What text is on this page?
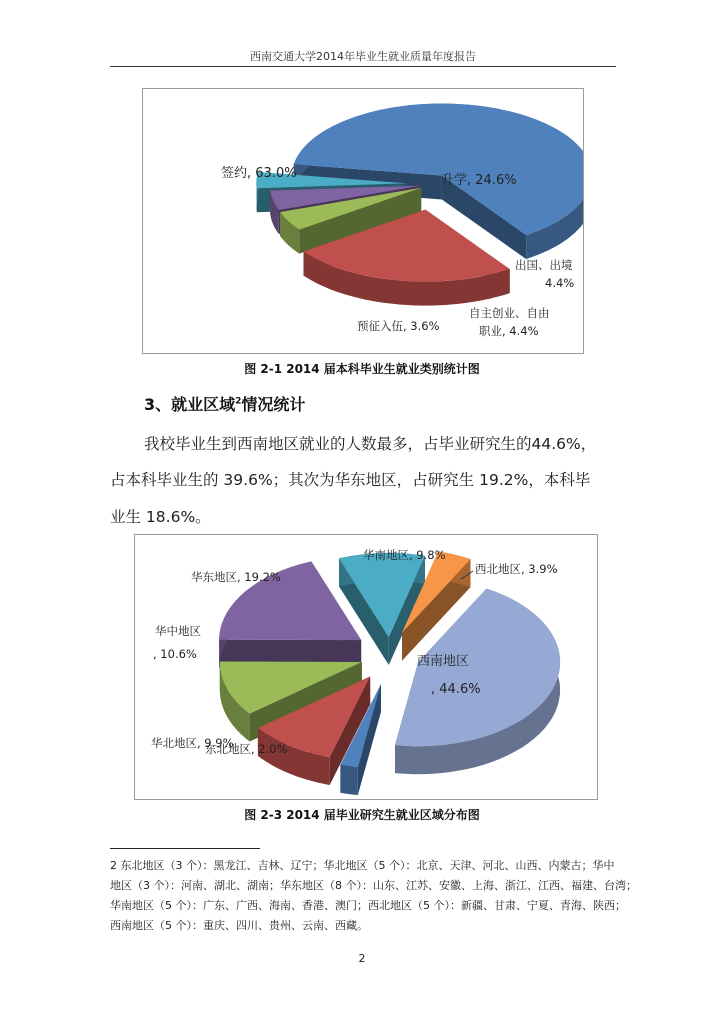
西南交通大学2014年毕业生就业质量年度报告
签约, 63.0%	升学, 24.6%
出国、出境
4.4%
自主创业、自由
职业, 4.4%
预征入伍, 3.6%
图 2-1 2014 届本科毕业生就业类别统计图
3、就业区域$^2$情况统计
我校毕业生到西南地区就业的人数最多，占毕业研究生的44.6%，
占本科毕业生的 39.6%；其次为华东地区，占研究生 19.2%，本科毕
业生 18.6%。
西南地区
, 44.6%
东北地区, 2.0%
华北地区, 9.9%
华中地区
, 10.6%
华东地区, 19.2%
华南地区, 9.8%
西北地区, 3.9%
图 2-3 2014 届毕业研究生就业区域分布图
2 东北地区（3 个）：黑龙江、吉林、辽宁；华北地区（5 个）：北京、天津、河北、山西、内蒙古；华中
地区（3 个）：河南、湖北、湖南；华东地区（8 个）：山东、江苏、安徽、上海、浙江、江西、福建、台湾；
华南地区（5 个）：广东、广西、海南、香港、澳门；西北地区（5 个）：新疆、甘肃、宁夏、青海、陕西；
西南地区（5 个）：重庆、四川、贵州、云南、西藏。
2
